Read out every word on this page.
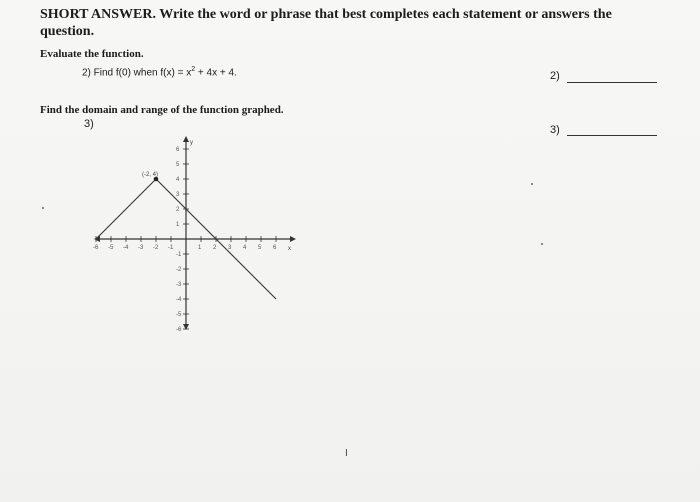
SHORT ANSWER. Write the word or phrase that best completes each statement or answers the question.
Evaluate the function.
2) Find f(0) when $f(x) = x^2 + 4x + 4$.	2)
Find the domain and range of the function graphed.
3)	3)
x
y
-6 -5 -4 -3 -2 -1	1 2 3 4 5 6
6
5
4
3
2
1
-1
-2
-3
-4
-5
-6
(-2, 4)
I
